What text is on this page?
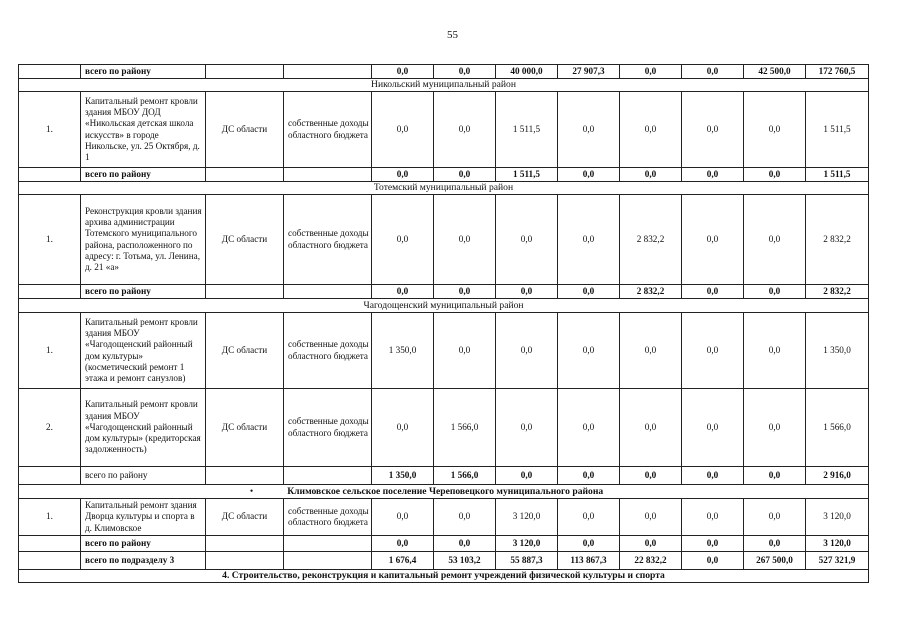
55
	всего по району			0,0	0,0	40 000,0	27 907,3	0,0	0,0	42 500,0	172 760,5
Никольский муниципальный район											
1.	Капитальный ремонт кровли здания МБОУ ДОД «Никольская детская школа искусств» в городе Никольске, ул. 25 Октября, д. 1	ДС области	собственные доходы областного бюджета	0,0	0,0	1 511,5	0,0	0,0	0,0	0,0	1 511,5
	всего по району			0,0	0,0	1 511,5	0,0	0,0	0,0	0,0	1 511,5
Тотемский муниципальный район											
1.	Реконструкция кровли здания архива администрации Тотемского муниципального района, расположенного по адресу: г. Тотьма, ул. Ленина, д. 21 «а»	ДС области	собственные доходы областного бюджета	0,0	0,0	0,0	0,0	2 832,2	0,0	0,0	2 832,2
	всего по району			0,0	0,0	0,0	0,0	2 832,2	0,0	0,0	2 832,2
Чагодощенский муниципальный район											
1.	Капитальный ремонт кровли здания МБОУ «Чагодощенский районный дом культуры» (косметический ремонт 1 этажа и ремонт санузлов)	ДС области	собственные доходы областного бюджета	1 350,0	0,0	0,0	0,0	0,0	0,0	0,0	1 350,0
2.	Капитальный ремонт кровли здания МБОУ «Чагодощенский районный дом культуры» (кредиторская задолженность)	ДС области	собственные доходы областного бюджета	0,0	1 566,0	0,0	0,0	0,0	0,0	0,0	1 566,0
	всего по району			1 350,0	1 566,0	0,0	0,0	0,0	0,0	0,0	2 916,0
• Климовское сельское поселение Череповецкого муниципального района											
1.	Капитальный ремонт здания Дворца культуры и спорта в д. Климовское	ДС области	собственные доходы областного бюджета	0,0	0,0	3 120,0	0,0	0,0	0,0	0,0	3 120,0
	всего по району			0,0	0,0	3 120,0	0,0	0,0	0,0	0,0	3 120,0
	всего по подразделу 3			1 676,4	53 103,2	55 887,3	113 867,3	22 832,2	0,0	267 500,0	527 321,9
4. Строительство, реконструкция и капитальный ремонт учреждений физической культуры и спорта											
